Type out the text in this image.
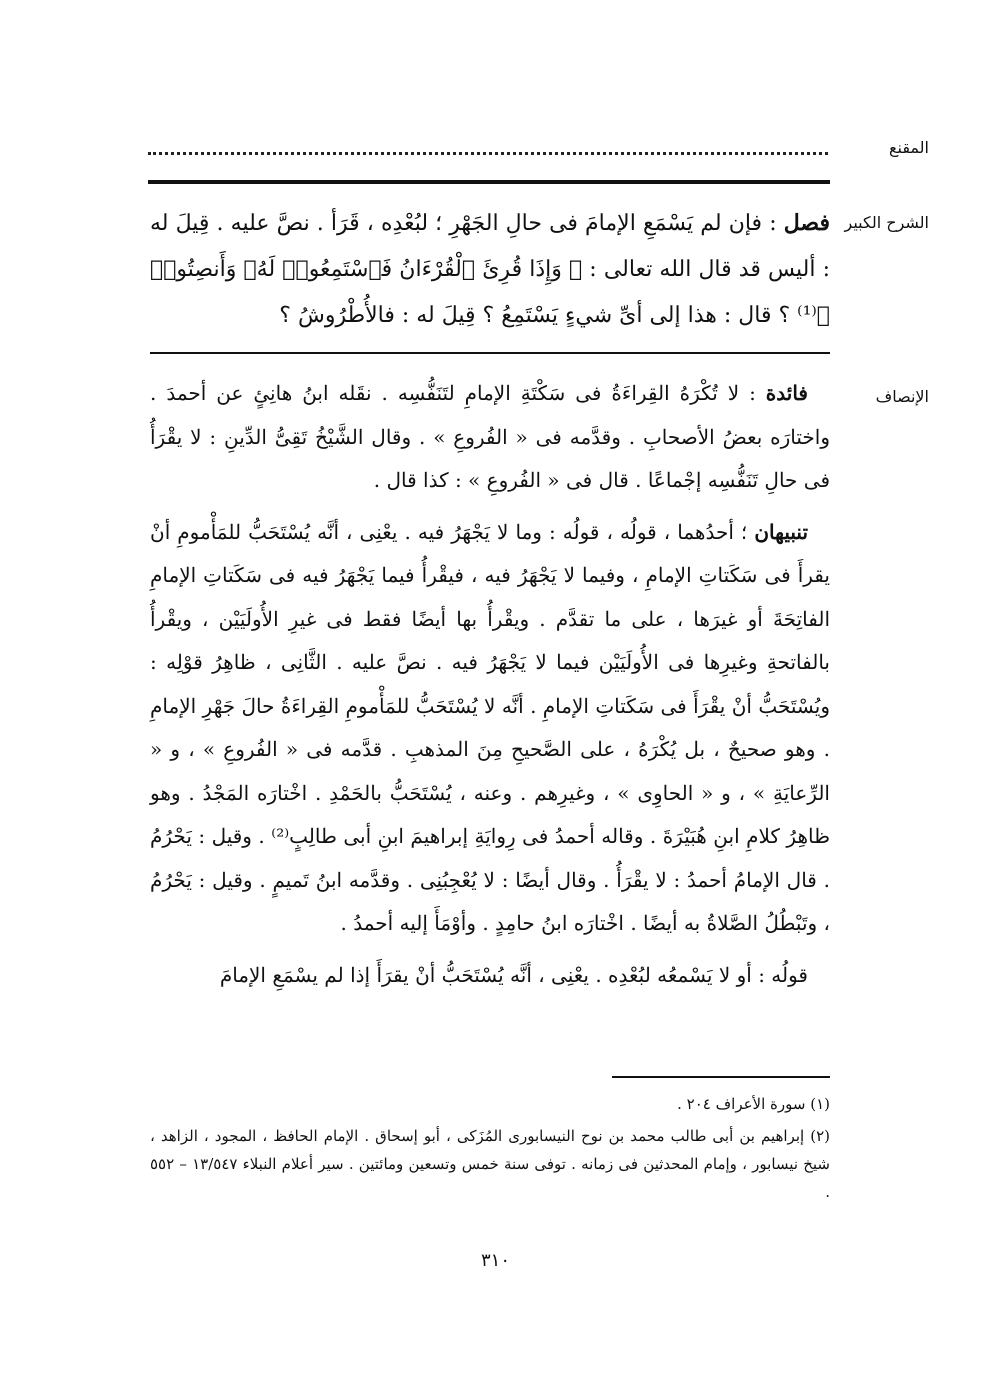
المقنع
الشرح الكبير

فصل : فإن لم يَسْمَعِ الإمامَ فى حالِ الجَهْرِ ؛ لبُعْدِه ، قَرَأ . نصَّ عليه . قِيلَ له : أليس قد قال الله تعالى : ﴿ وَإِذَا قُرِئَ ٱلْقُرْءَانُ فَٱسْتَمِعُوا۟ لَهُۥ وَأَنصِتُوا۟ ﴾⁽¹⁾ ؟ قال : هذا إلى أىِّ شيءٍ يَسْتَمِعُ ؟ قِيلَ له : فالأُطْرُوشُ ؟

الإنصاف

فائدة : لا تُكْرَهُ القِراءَةُ فى سَكْتَةِ الإمامِ لتَنَفُّسِه . نقَله ابنُ هانِئٍ عن أحمدَ . واختارَه بعضُ الأصحابِ . وقدَّمه فى « الفُروعِ » . وقال الشَّيْخُ تَقِىُّ الدِّينِ : لا يقْرَأُ فى حالِ تَنَفُّسِه إجْماعًا . قال فى « الفُروعِ » : كذا قال .

تنبيهان ؛ أحدُهما ، قولُه ، قولُه : وما لا يَجْهَرُ فيه . يعْنِى ، أنَّه يُسْتَحَبُّ للمَأْمومِ أنْ يقرأَ فى سَكَتاتِ الإمامِ ، وفيما لا يَجْهَرُ فيه ، فيقْرأُ فيما يَجْهَرُ فيه فى سَكَتاتِ الإمامِ الفاتِحَةَ أو غيرَها ، على ما تقدَّم . ويقْرأُ بها أيضًا فقط فى غيرِ الأُولَيَيْن ، ويقْرأُ بالفاتحةِ وغيرِها فى الأُولَيَيْن فيما لا يَجْهَرُ فيه . نصَّ عليه . الثَّانِى ، ظاهِرُ قوْلِه : ويُسْتَحَبُّ أنْ يقْرَأَ فى سَكَتاتِ الإمامِ . أنَّه لا يُسْتَحَبُّ للمَأْمومِ القِراءَةُ حالَ جَهْرِ الإمامِ . وهو صحيحٌ ، بل يُكْرَهُ ، على الصَّحيحِ مِنَ المذهبِ . قدَّمه فى « الفُروعِ » ، و « الرِّعايَةِ » ، و « الحاوِى » ، وغيرِهم . وعنه ، يُسْتَحَبُّ بالحَمْدِ . اخْتارَه المَجْدُ . وهو ظاهِرُ كلامِ ابنِ هُبَيْرَةَ . وقاله أحمدُ فى رِوايَةِ إبراهيمَ ابنِ أبى طالِبٍ⁽²⁾ . وقيل : يَحْرُمُ . قال الإمامُ أحمدُ : لا يقْرَأُ . وقال أيضًا : لا يُعْجِبُنِى . وقدَّمه ابنُ تَميمٍ . وقيل : يَحْرُمُ ، وتَبْطُلُ الصَّلاةُ به أيضًا . اخْتارَه ابنُ حامِدٍ . وأوْمَأَ إليه أحمدُ .

قولُه : أو لا يَسْمعُه لبُعْدِه . يعْنِى ، أنَّه يُسْتَحَبُّ أنْ يقرَأَ إذا لم يسْمَعِ الإمامَ

(١) سورة الأعراف ٢٠٤ .

(٢) إبراهيم بن أبى طالب محمد بن نوح النيسابورى المُزَكى ، أبو إسحاق . الإمام الحافظ ، المجود ، الزاهد ، شيخ نيسابور ، وإمام المحدثين فى زمانه . توفى سنة خمس وتسعين ومائتين . سير أعلام النبلاء ١٣/٥٤٧ – ٥٥٢ .

٣١٠
